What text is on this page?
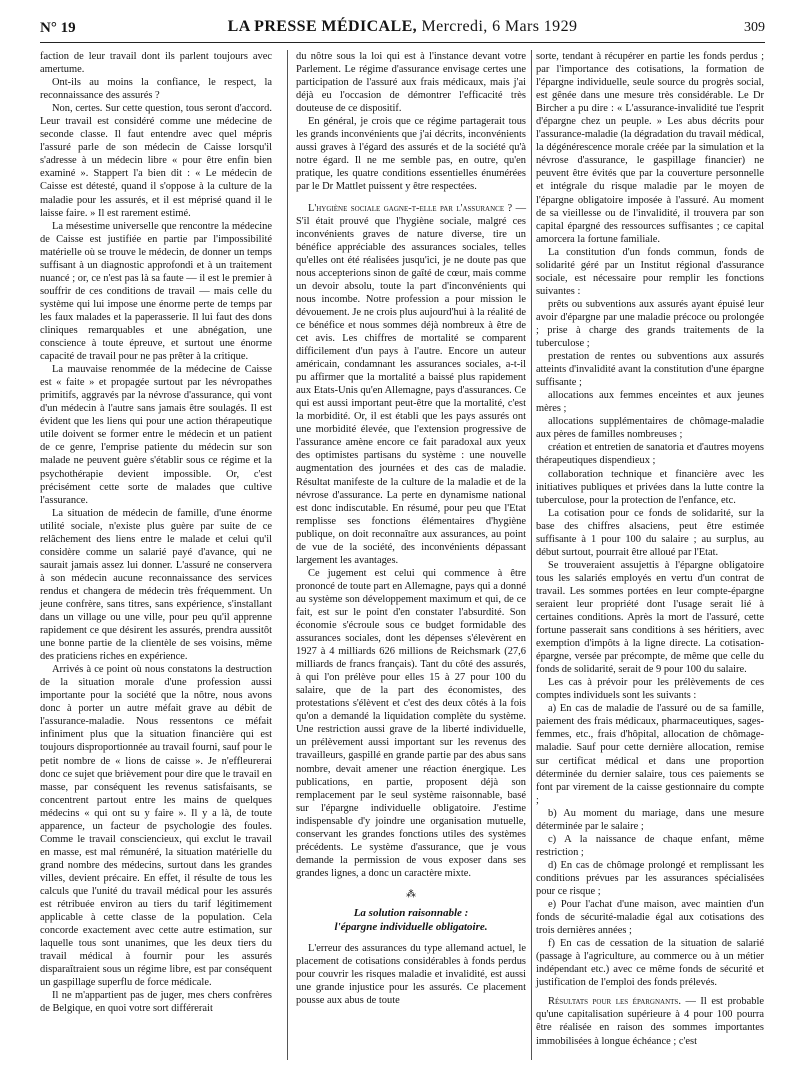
N° 19	LA PRESSE MÉDICALE, Mercredi, 6 Mars 1929	309

faction de leur travail dont ils parlent toujours avec amertume.

Ont-ils au moins la confiance, le respect, la reconnaissance des assurés ?

Non, certes. Sur cette question, tous seront d'accord. Leur travail est considéré comme une médecine de seconde classe. Il faut entendre avec quel mépris l'assuré parle de son médecin de Caisse lorsqu'il s'adresse à un médecin libre « pour être enfin bien examiné ». Stappert l'a bien dit : « Le médecin de Caisse est détesté, quand il s'oppose à la culture de la maladie pour les assurés, et il est méprisé quand il le laisse faire. » Il est rarement estimé.

La mésestime universelle que rencontre la médecine de Caisse est justifiée en partie par l'impossibilité matérielle où se trouve le médecin, de donner un temps suffisant à un diagnostic approfondi et à un traitement nuancé ; or, ce n'est pas là sa faute — il est le premier à souffrir de ces conditions de travail — mais celle du système qui lui impose une énorme perte de temps par les faux malades et la paperasserie. Il lui faut des dons cliniques remarquables et une abnégation, une conscience à toute épreuve, et surtout une énorme capacité de travail pour ne pas prêter à la critique.

La mauvaise renommée de la médecine de Caisse est « faite » et propagée surtout par les névropathes primitifs, aggravés par la névrose d'assurance, qui vont d'un médecin à l'autre sans jamais être soulagés. Il est évident que les liens qui pour une action thérapeutique utile doivent se former entre le médecin et un patient de ce genre, l'emprise patiente du médecin sur son malade ne peuvent guère s'établir sous ce régime et la psychothérapie devient impossible. Or, c'est précisément cette sorte de malades que cultive l'assurance.

La situation de médecin de famille, d'une énorme utilité sociale, n'existe plus guère par suite de ce relâchement des liens entre le malade et celui qu'il considère comme un salarié payé d'avance, qui ne saurait jamais assez lui donner. L'assuré ne conservera à son médecin aucune reconnaissance des services rendus et changera de médecin très fréquemment. Un jeune confrère, sans titres, sans expérience, s'installant dans un village ou une ville, pour peu qu'il apprenne rapidement ce que désirent les assurés, prendra aussitôt une bonne partie de la clientèle de ses voisins, même des praticiens riches en expérience.

Arrivés à ce point où nous constatons la destruction de la situation morale d'une profession aussi importante pour la société que la nôtre, nous avons donc à porter un autre méfait grave au débit de l'assurance-maladie. Nous ressentons ce méfait infiniment plus que la situation financière qui est toujours disproportionnée au travail fourni, sauf pour le petit nombre de « lions de caisse ». Je n'effleurerai donc ce sujet que brièvement pour dire que le travail en masse, par conséquent les revenus satisfaisants, se concentrent partout entre les mains de quelques médecins « qui ont su y faire ». Il y a là, de toute apparence, un facteur de psychologie des foules. Comme le travail consciencieux, qui exclut le travail en masse, est mal rémunéré, la situation matérielle du grand nombre des médecins, surtout dans les grandes villes, devient précaire. En effet, il résulte de tous les calculs que l'unité du travail médical pour les assurés est rétribuée environ au tiers du tarif légitimement applicable à cette classe de la population. Cela concorde exactement avec cette autre estimation, sur laquelle tous sont unanimes, que les deux tiers du travail médical à fournir pour les assurés disparaîtraient sous un régime libre, est par conséquent un gaspillage superflu de force médicale.

Il ne m'appartient pas de juger, mes chers confrères de Belgique, en quoi votre sort différerait

du nôtre sous la loi qui est à l'instance devant votre Parlement. Le régime d'assurance envisage certes une participation de l'assuré aux frais médicaux, mais j'ai déjà eu l'occasion de démontrer l'efficacité très douteuse de ce dispositif.

En général, je crois que ce régime partagerait tous les grands inconvénients que j'ai décrits, inconvénients aussi graves à l'égard des assurés et de la société qu'à notre égard. Il ne me semble pas, en outre, qu'en pratique, les quatre conditions essentielles énumérées par le Dr Mattlet puissent y être respectées.

L'hygiène sociale gagne-t-elle par l'assurance ? — S'il était prouvé que l'hygiène sociale, malgré ces inconvénients graves de nature diverse, tire un bénéfice appréciable des assurances sociales, telles qu'elles ont été réalisées jusqu'ici, je ne doute pas que nous accepterions sinon de gaîté de cœur, mais comme un devoir absolu, toute la part d'inconvénients qui nous incombe. Notre profession a pour mission le dévouement. Je ne crois plus aujourd'hui à la réalité de ce bénéfice et nous sommes déjà nombreux à être de cet avis. Les chiffres de mortalité se comparent difficilement d'un pays à l'autre. Encore un auteur américain, condamnant les assurances sociales, a-t-il pu affirmer que la mortalité a baissé plus rapidement aux Etats-Unis qu'en Allemagne, pays d'assurances. Ce qui est aussi important peut-être que la mortalité, c'est la morbidité. Or, il est établi que les pays assurés ont une morbidité élevée, que l'extension progressive de l'assurance amène encore ce fait paradoxal aux yeux des optimistes partisans du système : une nouvelle augmentation des journées et des cas de maladie. Résultat manifeste de la culture de la maladie et de la névrose d'assurance. La perte en dynamisme national est donc indiscutable. En résumé, pour peu que l'Etat remplisse ses fonctions élémentaires d'hygiène publique, on doit reconnaître aux assurances, au point de vue de la société, des inconvénients dépassant largement les avantages.

Ce jugement est celui qui commence à être prononcé de toute part en Allemagne, pays qui a donné au système son développement maximum et qui, de ce fait, est sur le point d'en constater l'absurdité. Son économie s'écroule sous ce budget formidable des assurances sociales, dont les dépenses s'élevèrent en 1927 à 4 milliards 626 millions de Reichsmark (27,6 milliards de francs français). Tant du côté des assurés, à qui l'on prélève pour elles 15 à 27 pour 100 du salaire, que de la part des économistes, des protestations s'élèvent et c'est des deux côtés à la fois qu'on a demandé la liquidation complète du système. Une restriction aussi grave de la liberté individuelle, un prélèvement aussi important sur les revenus des travailleurs, gaspillé en grande partie par des abus sans nombre, devait amener une réaction énergique. Les publications, en partie, proposent déjà son remplacement par le seul système raisonnable, basé sur l'épargne individuelle obligatoire. J'estime indispensable d'y joindre une organisation mutuelle, conservant les grandes fonctions utiles des systèmes précédents. Le système d'assurance, que je vous demande la permission de vous exposer dans ses grandes lignes, a donc un caractère mixte.

⁂

La solution raisonnable :
l'épargne individuelle obligatoire.

L'erreur des assurances du type allemand actuel, le placement de cotisations considérables à fonds perdus pour couvrir les risques maladie et invalidité, est aussi une grande injustice pour les assurés. Ce placement pousse aux abus de toute

sorte, tendant à récupérer en partie les fonds perdus ; par l'importance des cotisations, la formation de l'épargne individuelle, seule source du progrès social, est gênée dans une mesure très considérable. Le Dr Bircher a pu dire : « L'assurance-invalidité tue l'esprit d'épargne chez un peuple. » Les abus décrits pour l'assurance-maladie (la dégradation du travail médical, la dégénérescence morale créée par la simulation et la névrose d'assurance, le gaspillage financier) ne peuvent être évités que par la couverture personnelle et intégrale du risque maladie par le moyen de l'épargne obligatoire imposée à l'assuré. Au moment de sa vieillesse ou de l'invalidité, il trouvera par son capital épargné des ressources suffisantes ; ce capital amorcera la fortune familiale.

La constitution d'un fonds commun, fonds de solidarité géré par un Institut régional d'assurance sociale, est nécessaire pour remplir les fonctions suivantes :

prêts ou subventions aux assurés ayant épuisé leur avoir d'épargne par une maladie précoce ou prolongée ; prise à charge des grands traitements de la tuberculose ;

prestation de rentes ou subventions aux assurés atteints d'invalidité avant la constitution d'une épargne suffisante ;

allocations aux femmes enceintes et aux jeunes mères ;

allocations supplémentaires de chômage-maladie aux pères de familles nombreuses ;

création et entretien de sanatoria et d'autres moyens thérapeutiques dispendieux ;

collaboration technique et financière avec les initiatives publiques et privées dans la lutte contre la tuberculose, pour la protection de l'enfance, etc.

La cotisation pour ce fonds de solidarité, sur la base des chiffres alsaciens, peut être estimée suffisante à 1 pour 100 du salaire ; au surplus, au début surtout, pourrait être alloué par l'Etat.

Se trouveraient assujettis à l'épargne obligatoire tous les salariés employés en vertu d'un contrat de travail. Les sommes portées en leur compte-épargne seraient leur propriété dont l'usage serait lié à certaines conditions. Après la mort de l'assuré, cette fortune passerait sans conditions à ses héritiers, avec exemption d'impôts à la ligne directe. La cotisation-épargne, versée par précompte, de même que celle du fonds de solidarité, serait de 9 pour 100 du salaire.

Les cas à prévoir pour les prélèvements de ces comptes individuels sont les suivants :

a) En cas de maladie de l'assuré ou de sa famille, paiement des frais médicaux, pharmaceutiques, sages-femmes, etc., frais d'hôpital, allocation de chômage-maladie. Sauf pour cette dernière allocation, remise sur certificat médical et dans une proportion déterminée du dernier salaire, tous ces paiements se font par virement de la caisse gestionnaire du compte ;

b) Au moment du mariage, dans une mesure déterminée par le salaire ;

c) A la naissance de chaque enfant, même restriction ;

d) En cas de chômage prolongé et remplissant les conditions prévues par les assurances spécialisées pour ce risque ;

e) Pour l'achat d'une maison, avec maintien d'un fonds de sécurité-maladie égal aux cotisations des trois dernières années ;

f) En cas de cessation de la situation de salarié (passage à l'agriculture, au commerce ou à un métier indépendant etc.) avec ce même fonds de sécurité et justification de l'emploi des fonds prélevés.

Résultats pour les épargnants. — Il est probable qu'une capitalisation supérieure à 4 pour 100 pourra être réalisée en raison des sommes importantes immobilisées à longue échéance ; c'est
